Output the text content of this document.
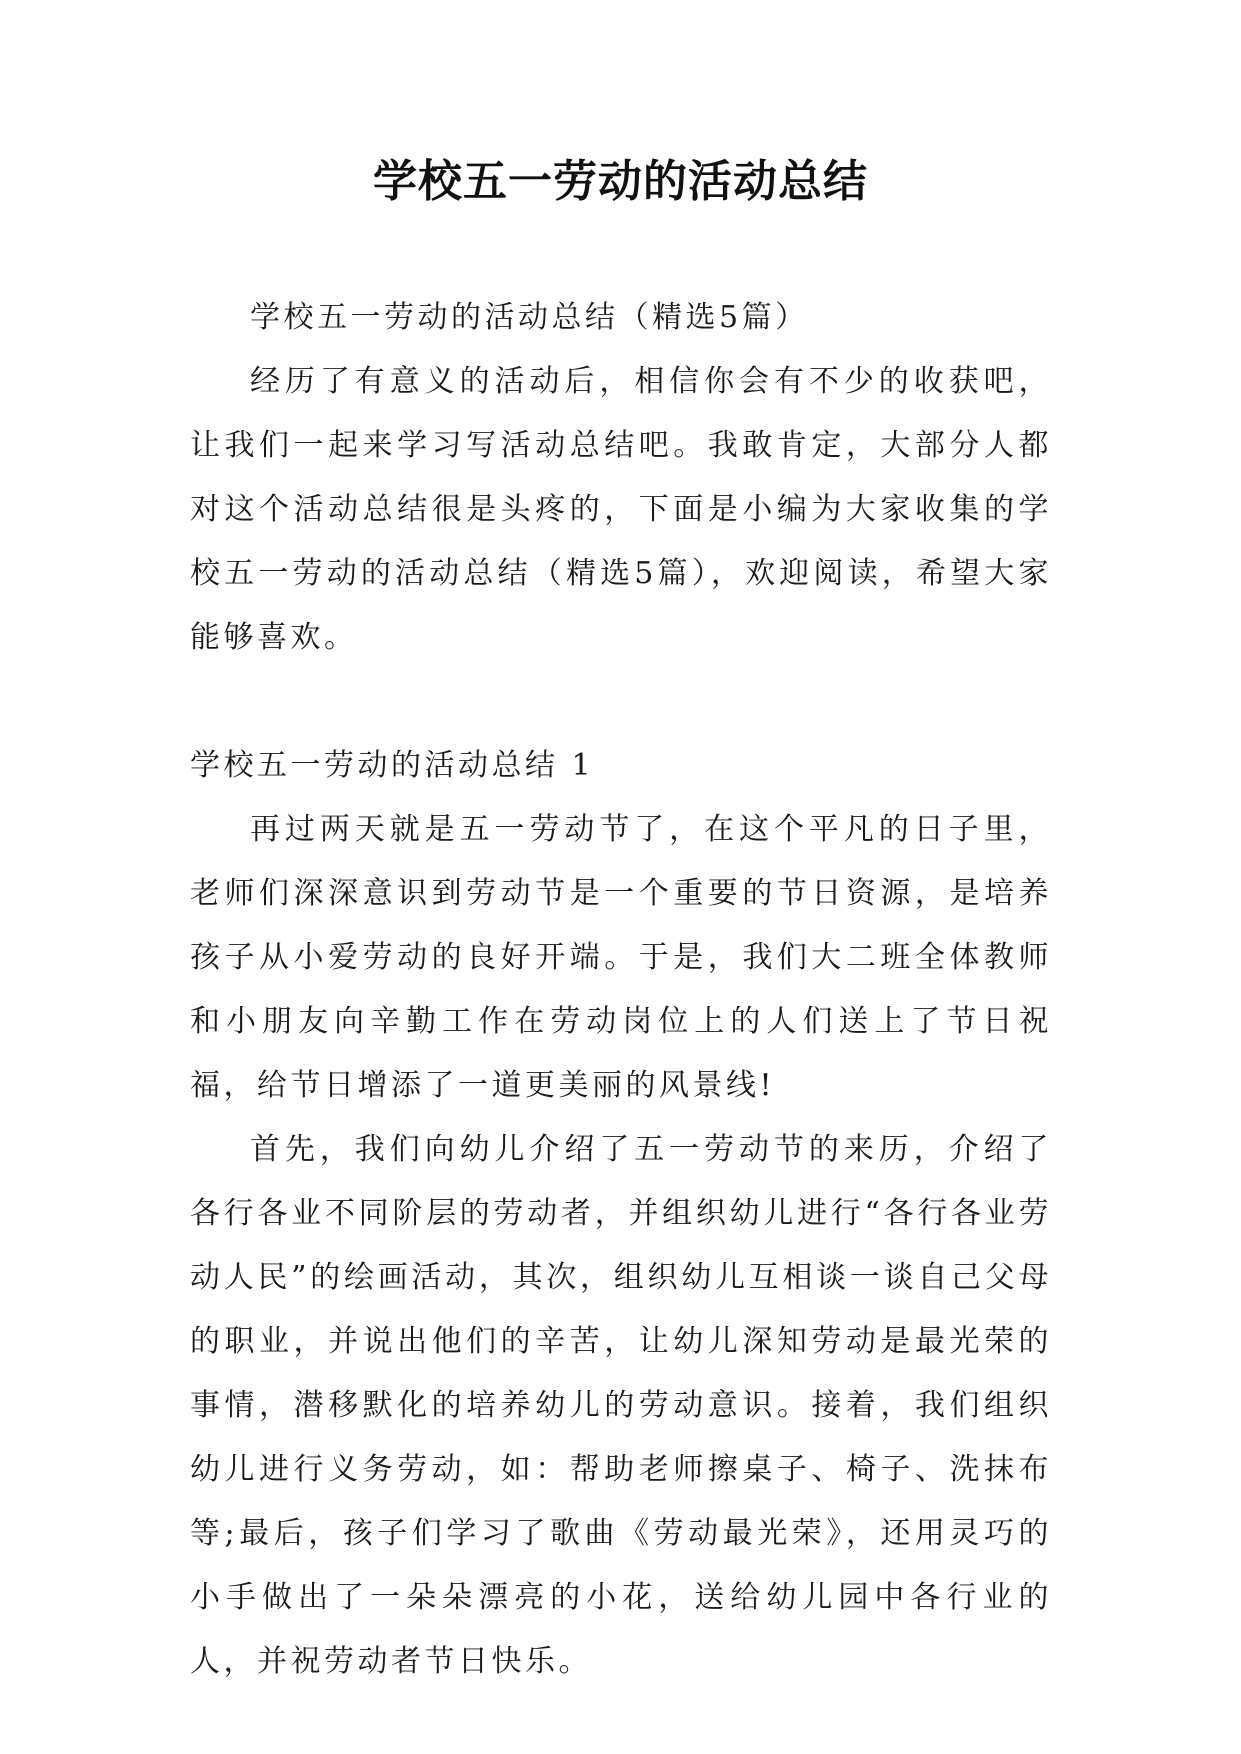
学校五一劳动的活动总结

学校五一劳动的活动总结（精选5篇）

经历了有意义的活动后，相信你会有不少的收获吧，让我们一起来学习写活动总结吧。我敢肯定，大部分人都对这个活动总结很是头疼的，下面是小编为大家收集的学校五一劳动的活动总结（精选5篇），欢迎阅读，希望大家能够喜欢。

学校五一劳动的活动总结 1

再过两天就是五一劳动节了，在这个平凡的日子里，老师们深深意识到劳动节是一个重要的节日资源，是培养孩子从小爱劳动的良好开端。于是，我们大二班全体教师和小朋友向辛勤工作在劳动岗位上的人们送上了节日祝福，给节日增添了一道更美丽的风景线!

首先，我们向幼儿介绍了五一劳动节的来历，介绍了各行各业不同阶层的劳动者，并组织幼儿进行“各行各业劳动人民”的绘画活动，其次，组织幼儿互相谈一谈自己父母的职业，并说出他们的辛苦，让幼儿深知劳动是最光荣的事情，潜移默化的培养幼儿的劳动意识。接着，我们组织幼儿进行义务劳动，如：帮助老师擦桌子、椅子、洗抹布等;最后，孩子们学习了歌曲《劳动最光荣》，还用灵巧的小手做出了一朵朵漂亮的小花，送给幼儿园中各行业的人，并祝劳动者节日快乐。
